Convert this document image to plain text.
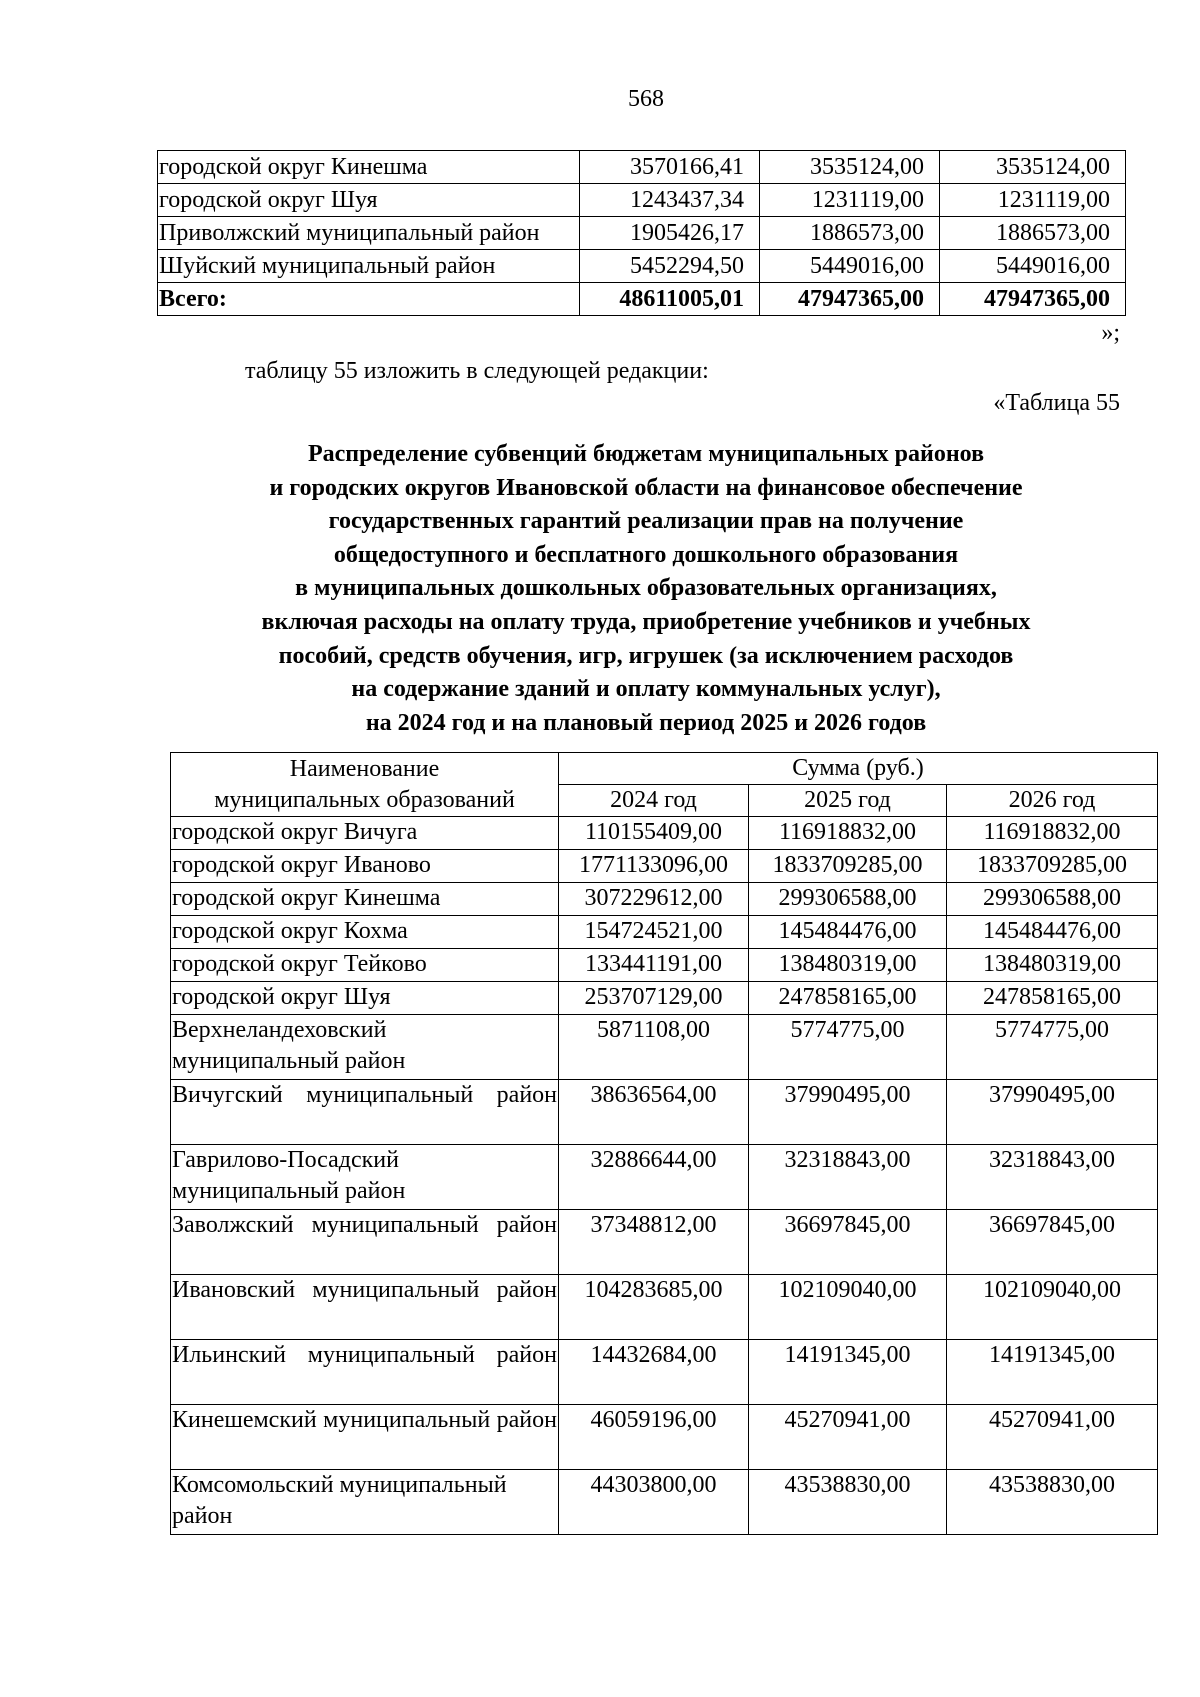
568
городской округ Кинешма	3570166,41	3535124,00	3535124,00
городской округ Шуя	1243437,34	1231119,00	1231119,00
Приволжский муниципальный район	1905426,17	1886573,00	1886573,00
Шуйский муниципальный район	5452294,50	5449016,00	5449016,00
Всего:	48611005,01	47947365,00	47947365,00
»;
таблицу 55 изложить в следующей редакции:
«Таблица 55
Распределение субвенций бюджетам муниципальных районов
и городских округов Ивановской области на финансовое обеспечение
государственных гарантий реализации прав на получение
общедоступного и бесплатного дошкольного образования
в муниципальных дошкольных образовательных организациях,
включая расходы на оплату труда, приобретение учебников и учебных
пособий, средств обучения, игр, игрушек (за исключением расходов
на содержание зданий и оплату коммунальных услуг),
на 2024 год и на плановый период 2025 и 2026 годов
Наименование
муниципальных образований	Сумма (руб.)		
	2024 год	2025 год	2026 год
городской округ Вичуга	110155409,00	116918832,00	116918832,00
городской округ Иваново	1771133096,00	1833709285,00	1833709285,00
городской округ Кинешма	307229612,00	299306588,00	299306588,00
городской округ Кохма	154724521,00	145484476,00	145484476,00
городской округ Тейково	133441191,00	138480319,00	138480319,00
городской округ Шуя	253707129,00	247858165,00	247858165,00
Верхнеландеховский муниципальный район	5871108,00	5774775,00	5774775,00
Вичугский муниципальный район	38636564,00	37990495,00	37990495,00
Гаврилово-Посадский муниципальный район	32886644,00	32318843,00	32318843,00
Заволжский муниципальный район	37348812,00	36697845,00	36697845,00
Ивановский муниципальный район	104283685,00	102109040,00	102109040,00
Ильинский муниципальный район	14432684,00	14191345,00	14191345,00
Кинешемский муниципальный район	46059196,00	45270941,00	45270941,00
Комсомольский муниципальный район	44303800,00	43538830,00	43538830,00
